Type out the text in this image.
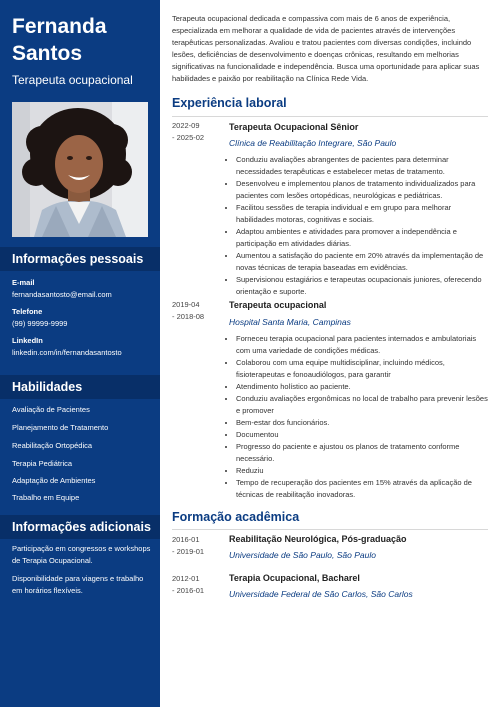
Fernanda Santos
Terapeuta ocupacional
Informações pessoais
E-mail
fernandasantosto@email.com
Telefone
(99) 99999-9999
LinkedIn
linkedin.com/in/fernandasantosto
Habilidades
Avaliação de Pacientes
Planejamento de Tratamento
Reabilitação Ortopédica
Terapia Pediátrica
Adaptação de Ambientes
Trabalho em Equipe
Informações adicionais
Participação em congressos e workshops de Terapia Ocupacional.
Disponibilidade para viagens e trabalho em horários flexíveis.
Terapeuta ocupacional dedicada e compassiva com mais de 6 anos de experiência, especializada em melhorar a qualidade de vida de pacientes através de intervenções terapêuticas personalizadas. Avaliou e tratou pacientes com diversas condições, incluindo lesões, deficiências de desenvolvimento e doenças crônicas, resultando em melhorias significativas na funcionalidade e independência. Busca uma oportunidade para aplicar suas habilidades e paixão por reabilitação na Clínica Rede Vida.
Experiência laboral
2022-09
- 2025-02
Terapeuta Ocupacional Sênior
Clínica de Reabilitação Integrare, São Paulo
• Conduziu avaliações abrangentes de pacientes para determinar necessidades terapêuticas e estabelecer metas de tratamento.
• Desenvolveu e implementou planos de tratamento individualizados para pacientes com lesões ortopédicas, neurológicas e pediátricas.
• Facilitou sessões de terapia individual e em grupo para melhorar habilidades motoras, cognitivas e sociais.
• Adaptou ambientes e atividades para promover a independência e participação em atividades diárias.
• Aumentou a satisfação do paciente em 20% através da implementação de novas técnicas de terapia baseadas em evidências.
• Supervisionou estagiários e terapeutas ocupacionais juniores, oferecendo orientação e suporte.
2019-04
- 2018-08
Terapeuta ocupacional
Hospital Santa Maria, Campinas
• Forneceu terapia ocupacional para pacientes internados e ambulatoriais com uma variedade de condições médicas.
• Colaborou com uma equipe multidisciplinar, incluindo médicos, fisioterapeutas e fonoaudiólogos, para garantir
• Atendimento holístico ao paciente.
• Conduziu avaliações ergonômicas no local de trabalho para prevenir lesões e promover
• Bem-estar dos funcionários.
• Documentou
• Progresso do paciente e ajustou os planos de tratamento conforme necessário.
• Reduziu
• Tempo de recuperação dos pacientes em 15% através da aplicação de técnicas de reabilitação inovadoras.
Formação acadêmica
2016-01
- 2019-01
Reabilitação Neurológica, Pós-graduação
Universidade de São Paulo, São Paulo
2012-01
- 2016-01
Terapia Ocupacional, Bacharel
Universidade Federal de São Carlos, São Carlos
